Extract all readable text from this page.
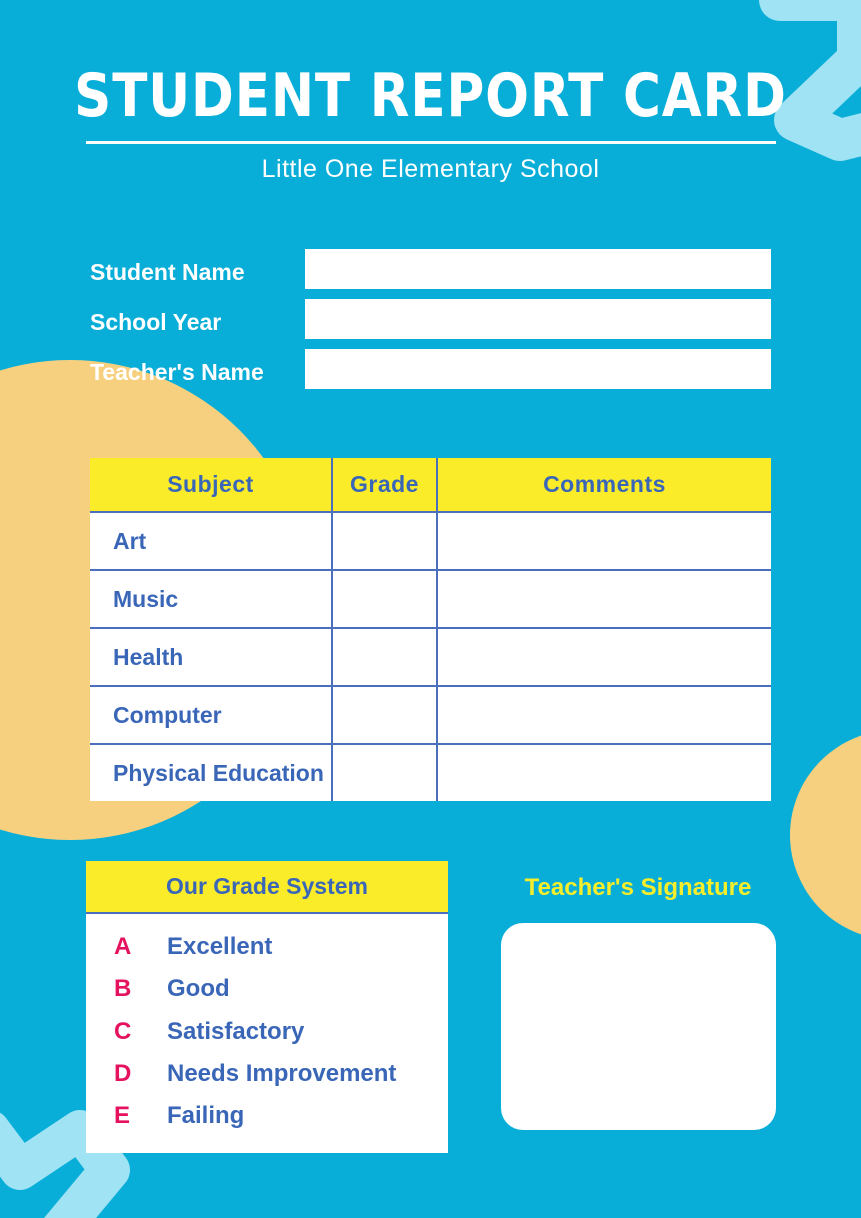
STUDENT REPORT CARD
Little One Elementary School
Student Name
School Year
Teacher's Name
Subject	Grade	Comments
Art		
Music		
Health		
Computer		
Physical Education		
Our Grade System
A Excellent
B Good
C Satisfactory
D Needs Improvement
E Failing
Teacher's Signature
